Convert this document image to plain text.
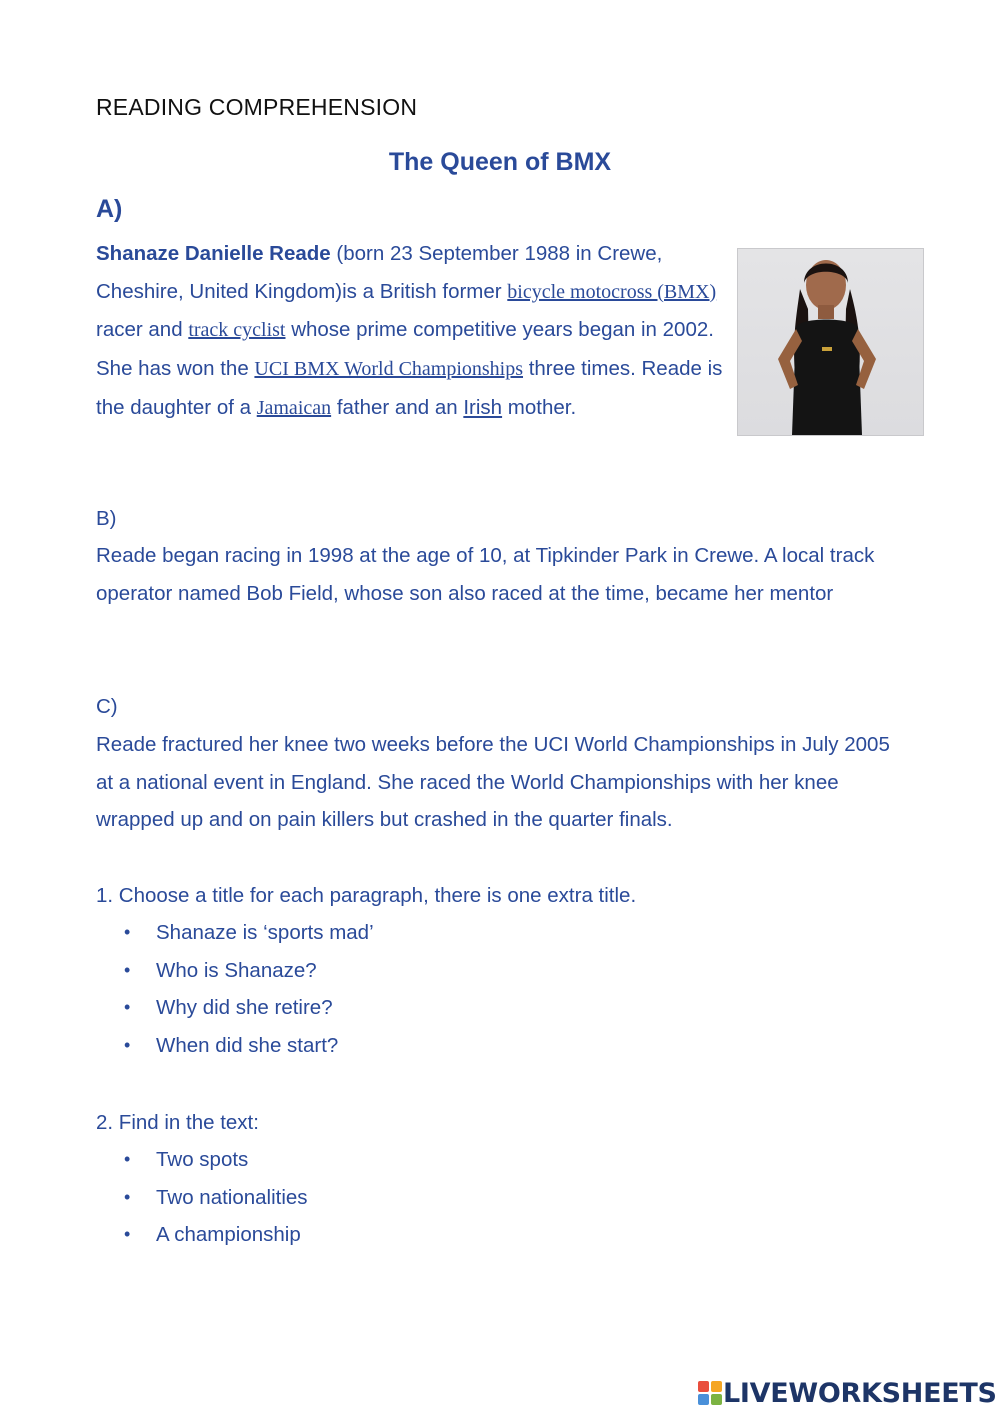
READING COMPREHENSION
The Queen of BMX
A)

Shanaze Danielle Reade (born 23 September 1988 in Crewe, Cheshire, United Kingdom)is a British former bicycle motocross (BMX) racer and track cyclist whose prime competitive years began in 2002. She has won the UCI BMX World Championships three times. Reade is the daughter of a Jamaican father and an Irish mother.

B)

Reade began racing in 1998 at the age of 10, at Tipkinder Park in Crewe. A local track operator named Bob Field, whose son also raced at the time, became her mentor

C)

Reade fractured her knee two weeks before the UCI World Championships in July 2005 at a national event in England. She raced the World Championships with her knee wrapped up and on pain killers but crashed in the quarter finals.

1. Choose a title for each paragraph, there is one extra title.
• Shanaze is ‘sports mad’
• Who is Shanaze?
• Why did she retire?
• When did she start?
2. Find in the text:
• Two spots
• Two nationalities
• A championship
LIVEWORKSHEETS
